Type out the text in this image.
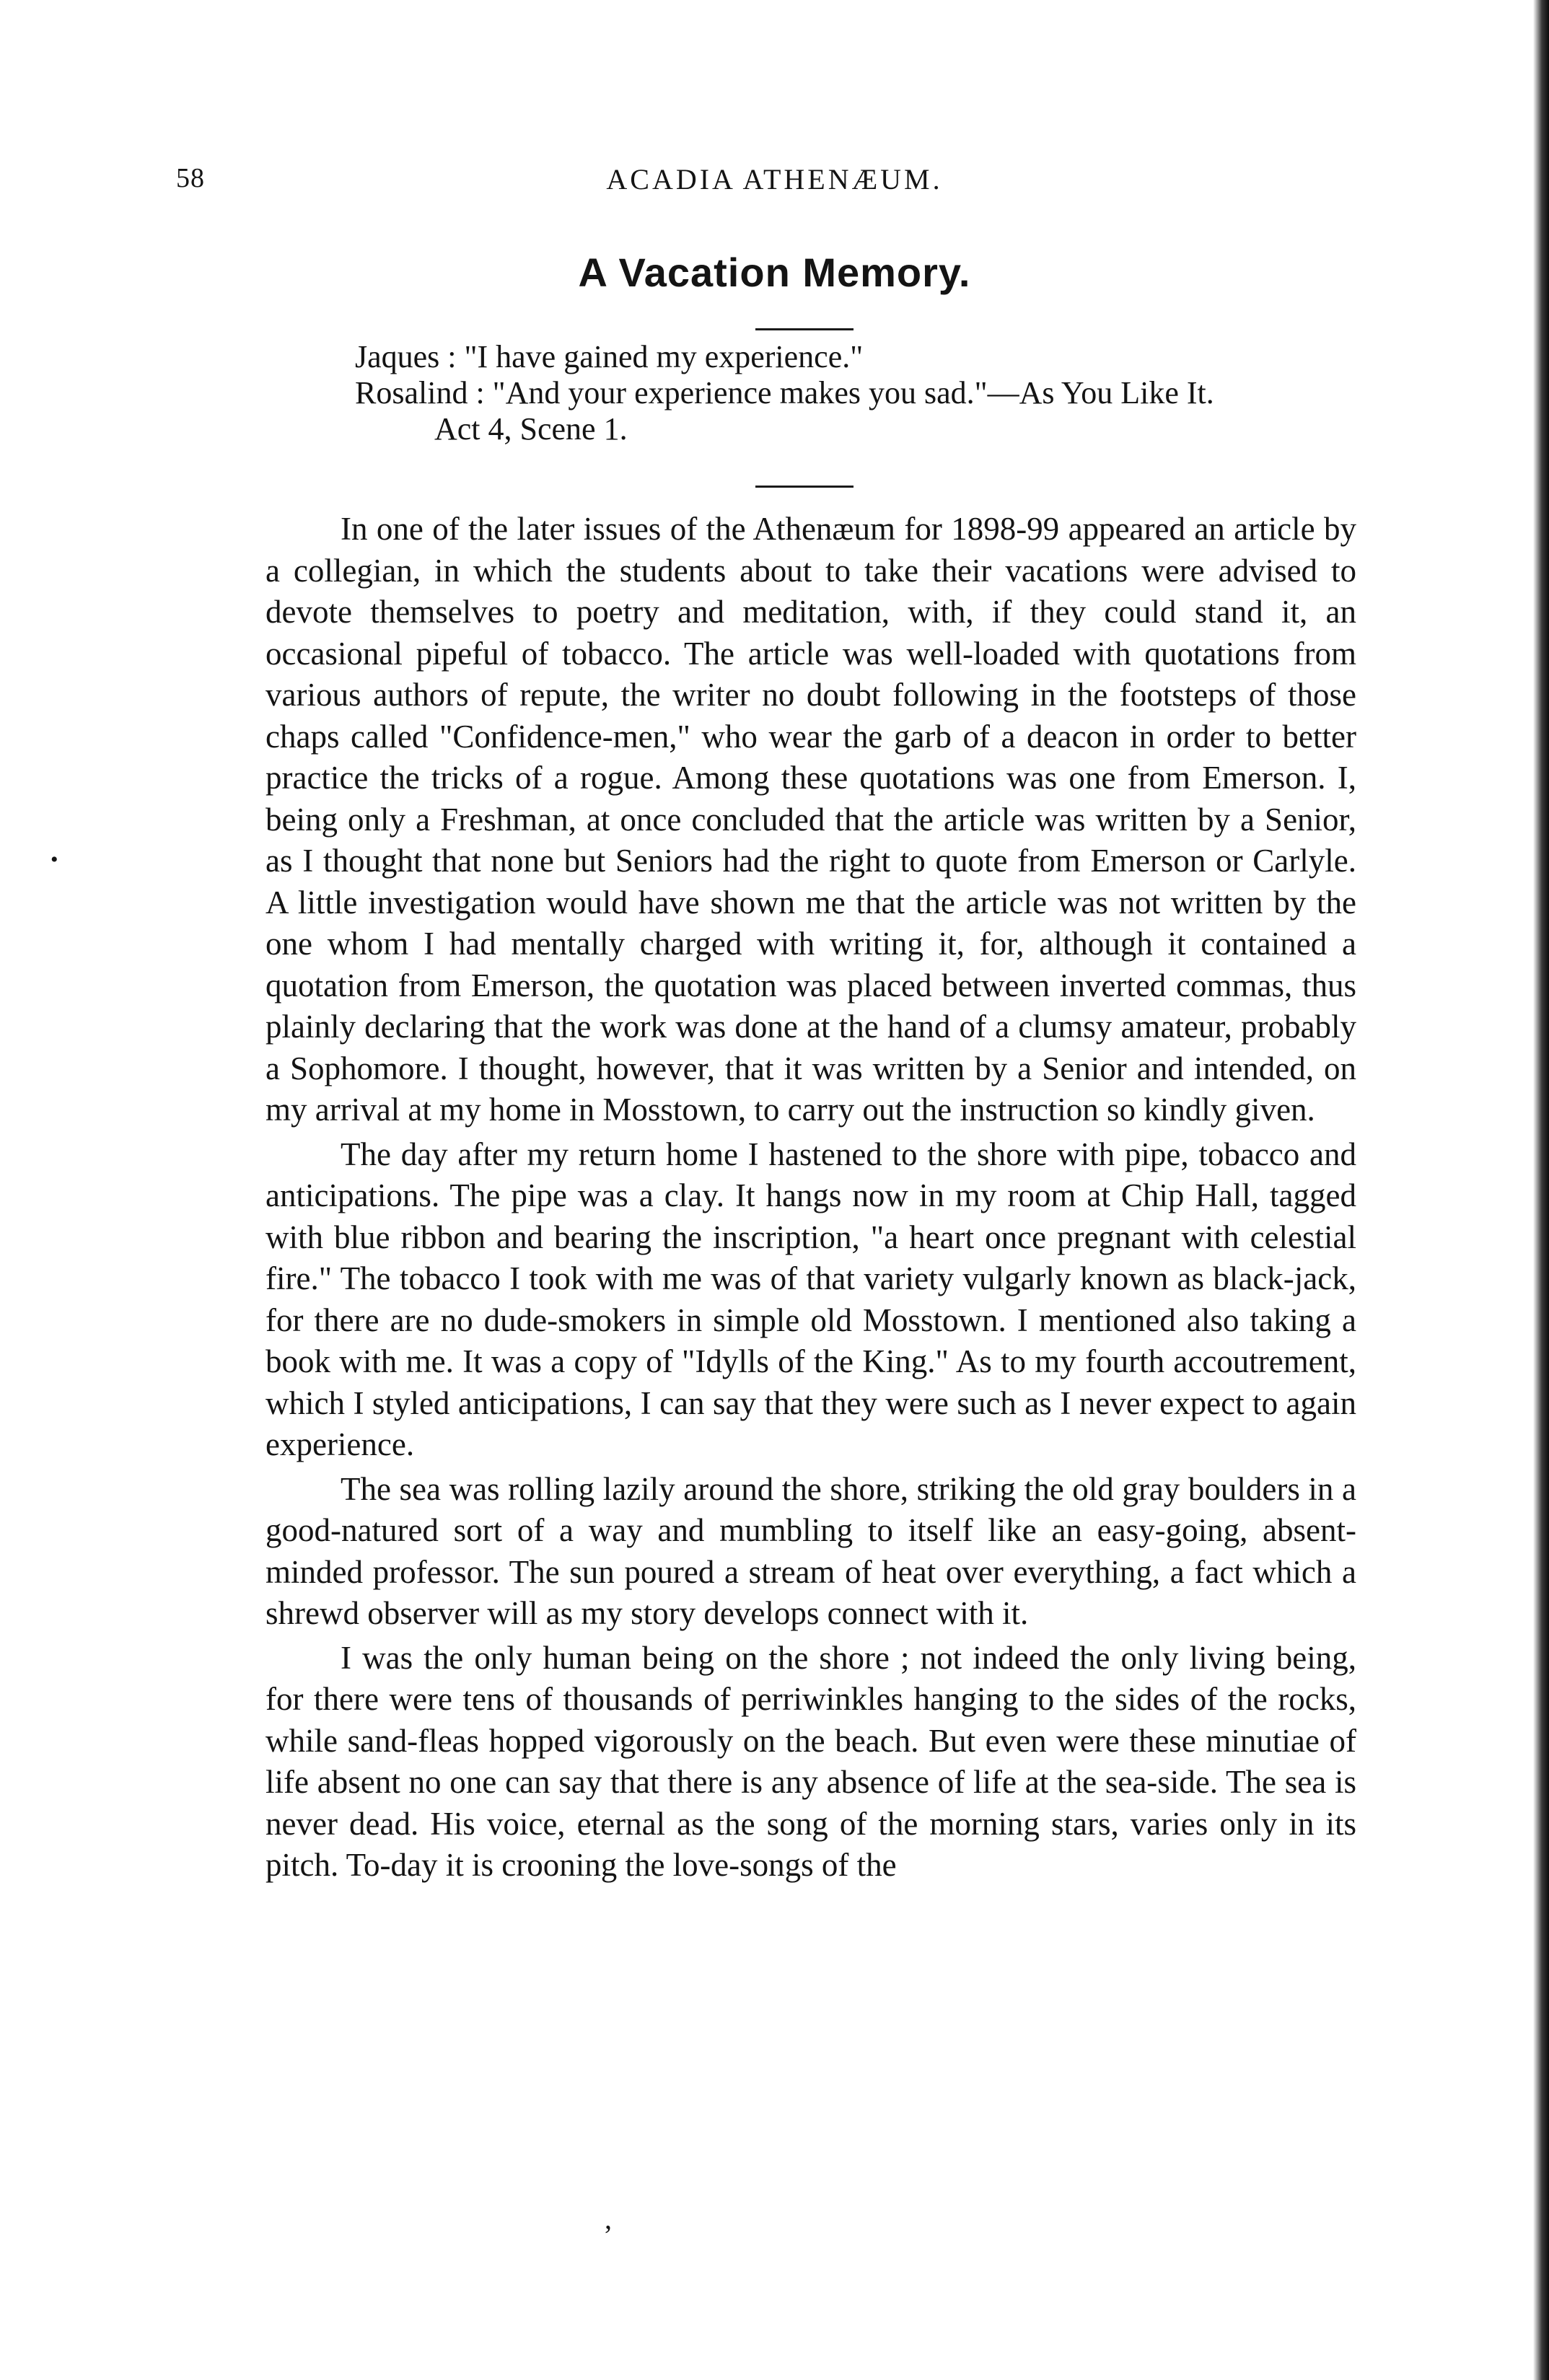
58	ACADIA ATHENÆUM.
A Vacation Memory.
Jaques : "I have gained my experience."
Rosalind : "And your experience makes you sad."—As You Like It.
Act 4, Scene 1.

In one of the later issues of the Athenæum for 1898-99 appeared an article by a collegian, in which the students about to take their vacations were advised to devote themselves to poetry and meditation, with, if they could stand it, an occasional pipeful of tobacco. The article was well-loaded with quotations from various authors of repute, the writer no doubt following in the footsteps of those chaps called "Confidence-men," who wear the garb of a deacon in order to better practice the tricks of a rogue. Among these quotations was one from Emerson. I, being only a Freshman, at once concluded that the article was written by a Senior, as I thought that none but Seniors had the right to quote from Emerson or Carlyle. A little investigation would have shown me that the article was not written by the one whom I had mentally charged with writing it, for, although it contained a quotation from Emerson, the quotation was placed between inverted commas, thus plainly declaring that the work was done at the hand of a clumsy amateur, probably a Sophomore. I thought, however, that it was written by a Senior and intended, on my arrival at my home in Mosstown, to carry out the instruction so kindly given.

The day after my return home I hastened to the shore with pipe, tobacco and anticipations. The pipe was a clay. It hangs now in my room at Chip Hall, tagged with blue ribbon and bearing the inscription, "a heart once pregnant with celestial fire." The tobacco I took with me was of that variety vulgarly known as black-jack, for there are no dude-smokers in simple old Mosstown. I mentioned also taking a book with me. It was a copy of "Idylls of the King." As to my fourth accoutrement, which I styled anticipations, I can say that they were such as I never expect to again experience.

The sea was rolling lazily around the shore, striking the old gray boulders in a good-natured sort of a way and mumbling to itself like an easy-going, absent-minded professor. The sun poured a stream of heat over everything, a fact which a shrewd observer will as my story develops connect with it.

I was the only human being on the shore ; not indeed the only living being, for there were tens of thousands of perriwinkles hanging to the sides of the rocks, while sand-fleas hopped vigorously on the beach. But even were these minutiae of life absent no one can say that there is any absence of life at the sea-side. The sea is never dead. His voice, eternal as the song of the morning stars, varies only in its pitch. To-day it is crooning the love-songs of the

•
,
